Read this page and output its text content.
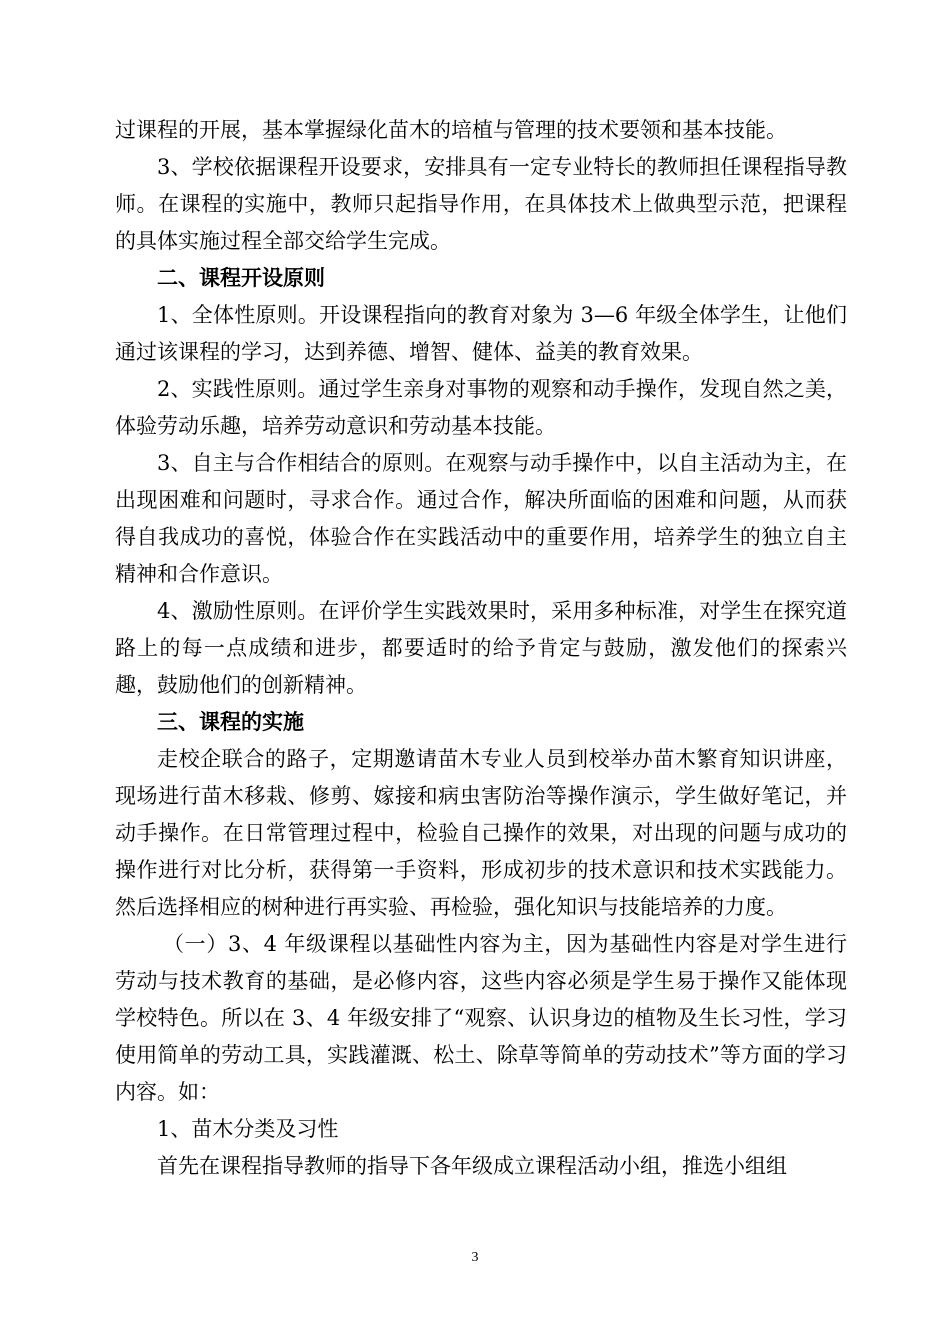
过课程的开展，基本掌握绿化苗木的培植与管理的技术要领和基本技能。

3、学校依据课程开设要求，安排具有一定专业特长的教师担任课程指导教师。在课程的实施中，教师只起指导作用，在具体技术上做典型示范，把课程的具体实施过程全部交给学生完成。

二、课程开设原则

1、全体性原则。开设课程指向的教育对象为 3—6 年级全体学生，让他们通过该课程的学习，达到养德、增智、健体、益美的教育效果。

2、实践性原则。通过学生亲身对事物的观察和动手操作，发现自然之美，体验劳动乐趣，培养劳动意识和劳动基本技能。

3、自主与合作相结合的原则。在观察与动手操作中，以自主活动为主，在出现困难和问题时，寻求合作。通过合作，解决所面临的困难和问题，从而获得自我成功的喜悦，体验合作在实践活动中的重要作用，培养学生的独立自主精神和合作意识。

4、激励性原则。在评价学生实践效果时，采用多种标准，对学生在探究道路上的每一点成绩和进步，都要适时的给予肯定与鼓励，激发他们的探索兴趣，鼓励他们的创新精神。

三、课程的实施

走校企联合的路子，定期邀请苗木专业人员到校举办苗木繁育知识讲座，现场进行苗木移栽、修剪、嫁接和病虫害防治等操作演示，学生做好笔记，并动手操作。在日常管理过程中，检验自己操作的效果，对出现的问题与成功的操作进行对比分析，获得第一手资料，形成初步的技术意识和技术实践能力。然后选择相应的树种进行再实验、再检验，强化知识与技能培养的力度。

（一）3、4 年级课程以基础性内容为主，因为基础性内容是对学生进行劳动与技术教育的基础，是必修内容，这些内容必须是学生易于操作又能体现学校特色。所以在 3、4 年级安排了“观察、认识身边的植物及生长习性，学习使用简单的劳动工具，实践灌溉、松土、除草等简单的劳动技术”等方面的学习内容。如：

1、苗木分类及习性

首先在课程指导教师的指导下各年级成立课程活动小组，推选小组组

3
